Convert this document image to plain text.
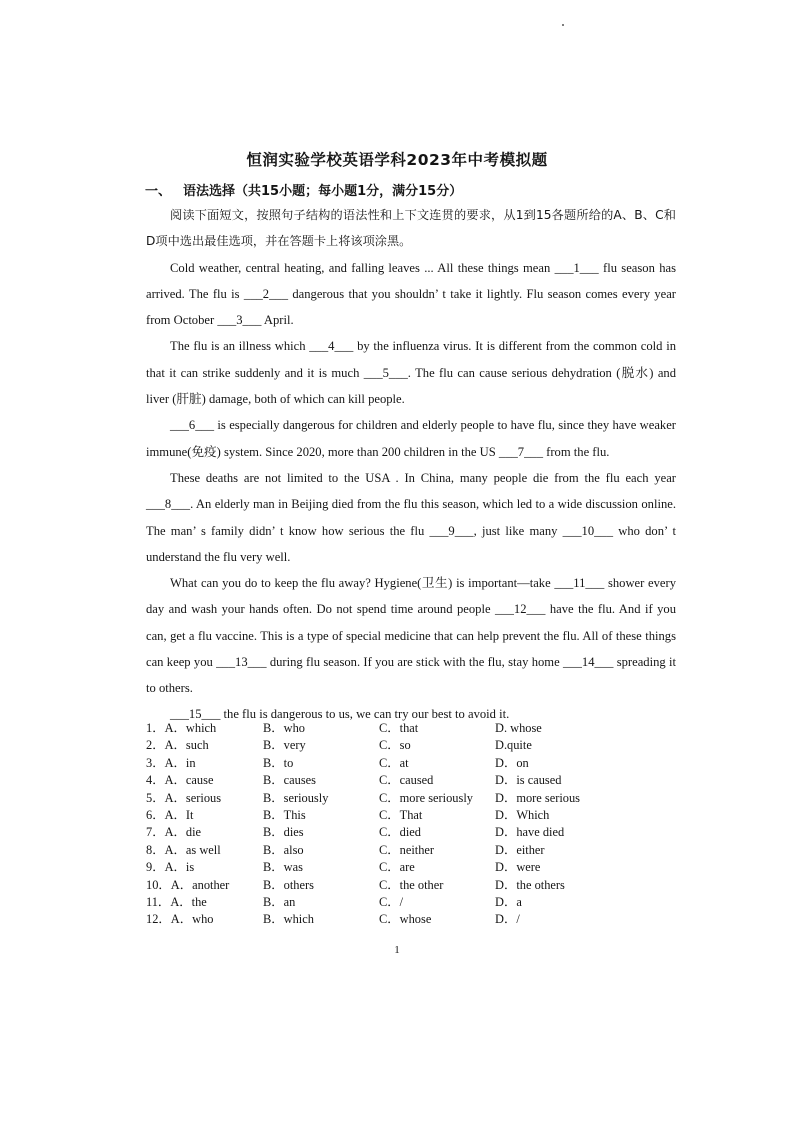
恒润实验学校英语学科2023年中考模拟题
一、 语法选择（共15小题；每小题1分，满分15分）

阅读下面短文，按照句子结构的语法性和上下文连贯的要求，从1到15各题所给的A、B、C和D项中选出最佳选项，并在答题卡上将该项涂黑。

Cold weather, central heating, and falling leaves ... All these things mean ___1___ flu season has arrived. The flu is ___2___ dangerous that you shouldn’ t take it lightly. Flu season comes every year from October ___3___ April.

The flu is an illness which ___4___ by the influenza virus. It is different from the common cold in that it can strike suddenly and it is much ___5___. The flu can cause serious dehydration (脱水) and liver (肝脏) damage, both of which can kill people.

___6___ is especially dangerous for children and elderly people to have flu, since they have weaker immune(免疫) system. Since 2020, more than 200 children in the US ___7___ from the flu.

These deaths are not limited to the USA . In China, many people die from the flu each year ___8___. An elderly man in Beijing died from the flu this season, which led to a wide discussion online. The man’ s family didn’ t know how serious the flu ___9___, just like many ___10___ who don’ t understand the flu very well.

What can you do to keep the flu away? Hygiene(卫生) is important—take ___11___ shower every day and wash your hands often. Do not spend time around people ___12___ have the flu. And if you can, get a flu vaccine. This is a type of special medicine that can help prevent the flu. All of these things can keep you ___13___ during flu season. If you are stick with the flu, stay home ___14___ spreading it to others.

___15___ the flu is dangerous to us, we can try our best to avoid it.

1．A．which	B．who	C．that	D. whose
2．A．such	B．very	C．so	D.quite
3．A．in	B．to	C．at	D．on
4．A．cause	B．causes	C．caused	D．is caused
5．A．serious	B．seriously	C．more seriously	D．more serious
6．A．It	B．This	C．That	D．Which
7．A．die	B．dies	C．died	D．have died
8．A．as well	B．also	C．neither	D．either
9．A．is	B．was	C．are	D．were
10．A．another	B．others	C．the other	D．the others
11．A．the	B．an	C．/	D．a
12．A．who	B．which	C．whose	D．/
1
